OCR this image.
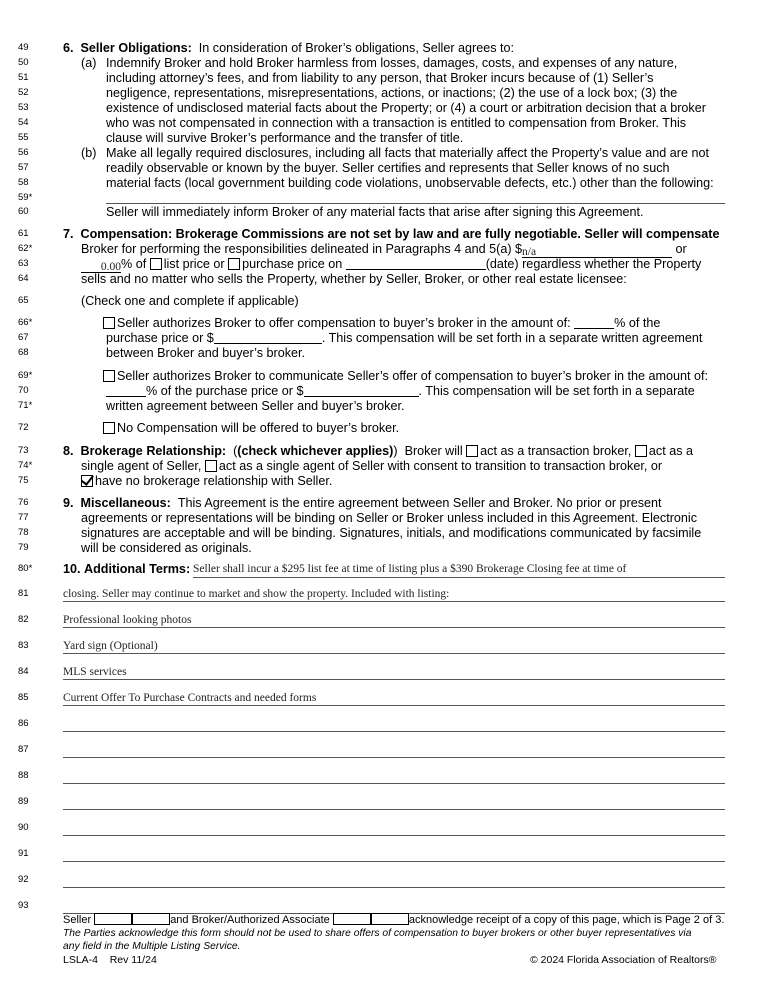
49
50
51
52
53
54
55
56
57
58
59*
60
61
62*
63
64
65
66*
67
68
69*
70
71*
72
73
74*
75
76
77
78
79
80*
81
82
83
84
85
86
87
88
89
90
91
92
93
6. Seller Obligations: In consideration of Broker’s obligations, Seller agrees to:
(a) Indemnify Broker and hold Broker harmless from losses, damages, costs, and expenses of any nature,
including attorney’s fees, and from liability to any person, that Broker incurs because of (1) Seller’s
negligence, representations, misrepresentations, actions, or inactions; (2) the use of a lock box; (3) the
existence of undisclosed material facts about the Property; or (4) a court or arbitration decision that a broker
who was not compensated in connection with a transaction is entitled to compensation from Broker. This
clause will survive Broker’s performance and the transfer of title.
(b) Make all legally required disclosures, including all facts that materially affect the Property’s value and are not
readily observable or known by the buyer. Seller certifies and represents that Seller knows of no such
material facts (local government building code violations, unobservable defects, etc.) other than the following:
Seller will immediately inform Broker of any material facts that arise after signing this Agreement.
7. Compensation: Brokerage Commissions are not set by law and are fully negotiable. Seller will compensate
Broker for performing the responsibilities delineated in Paragraphs 4 and 5(a) $n/a	or
0.00% of list price or purchase price on	(date) regardless whether the Property
sells and no matter who sells the Property, whether by Seller, Broker, or other real estate licensee:
(Check one and complete if applicable)
Seller authorizes Broker to offer compensation to buyer’s broker in the amount of:	% of the
purchase price or $	. This compensation will be set forth in a separate written agreement
between Broker and buyer’s broker.
Seller authorizes Broker to communicate Seller’s offer of compensation to buyer’s broker in the amount of:
% of the purchase price or $	. This compensation will be set forth in a separate
written agreement between Seller and buyer’s broker.
No Compensation will be offered to buyer’s broker.
8. Brokerage Relationship:  ((check whichever applies))  Broker will act as a transaction broker, act as a
single agent of Seller, act as a single agent of Seller with consent to transition to transaction broker, or
have no brokerage relationship with Seller.
9. Miscellaneous: This Agreement is the entire agreement between Seller and Broker. No prior or present
agreements or representations will be binding on Seller or Broker unless included in this Agreement. Electronic
signatures are acceptable and will be binding. Signatures, initials, and modifications communicated by facsimile
will be considered as originals.
10. Additional Terms: Seller shall incur a $295 list fee at time of listing plus a $390 Brokerage Closing fee at time of
closing. Seller may continue to market and show the property. Included with listing:
Professional looking photos
Yard sign (Optional)
MLS services
Current Offer To Purchase Contracts and needed forms
Seller	and Broker/Authorized Associate	acknowledge receipt of a copy of this page, which is Page 2 of 3.
The Parties acknowledge this form should not be used to share offers of compensation to buyer brokers or other buyer representatives via
any field in the Multiple Listing Service.
LSLA-4    Rev 11/24	© 2024 Florida Association of Realtors®
